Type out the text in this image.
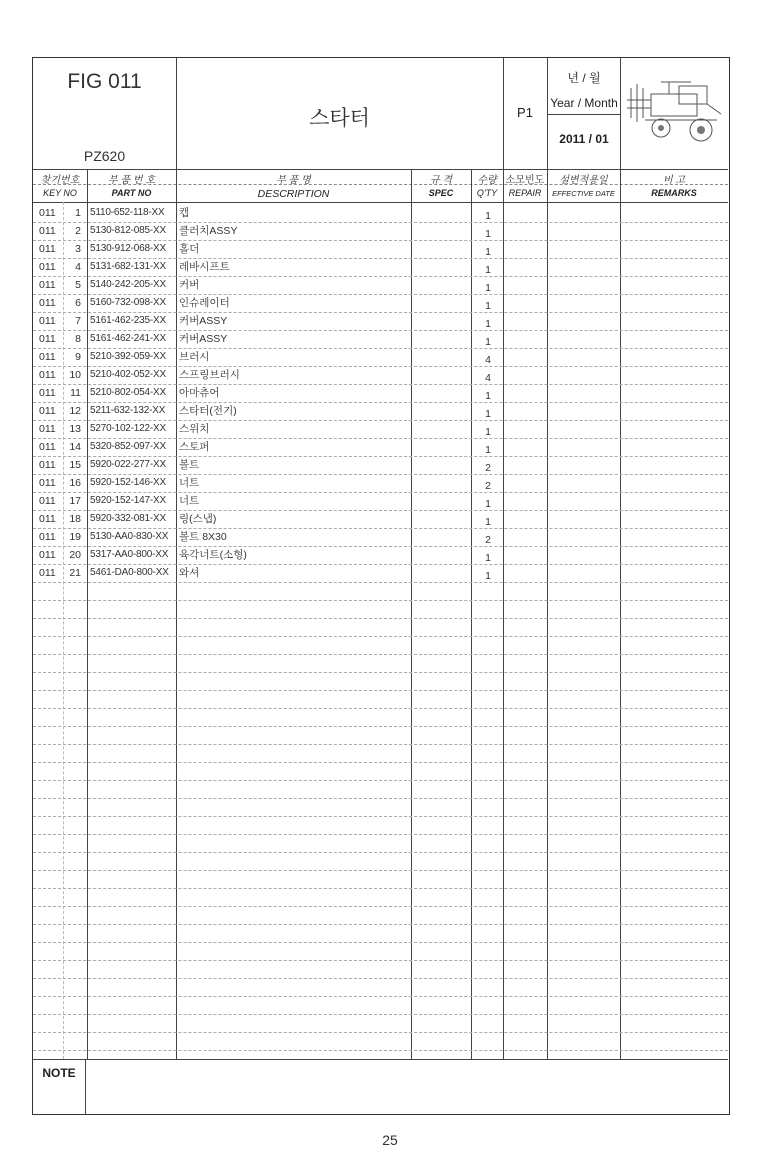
FIG 011
PZ620
스타터	P1
년 / 월
Year / Month
2011 / 01
찾기번호
KEY NO
부 품 번 호
PART NO
부 품 명
DESCRIPTION
규 격
SPEC
수량
Q'TY
소모빈도
REPAIR
설변적용일
EFFECTIVE DATE
비 고
REMARKS
011	1 5110-652-118-XX 캡	1
011	2 5130-812-085-XX 클러치ASSY	1
011	3 5130-912-068-XX 홀더	1
011	4 5131-682-131-XX 레바시프트	1
011	5 5140-242-205-XX 커버	1
011	6 5160-732-098-XX 인슈레이터	1
011	7 5161-462-235-XX 커버ASSY	1
011	8 5161-462-241-XX 커버ASSY	1
011	9 5210-392-059-XX 브러시	4
011	10 5210-402-052-XX 스프링브러시	4
011	11 5210-802-054-XX 아마츄어	1
011	12 5211-632-132-XX 스타터(전기)	1
011	13 5270-102-122-XX 스위치	1
011	14 5320-852-097-XX 스토퍼	1
011	15 5920-022-277-XX 볼트	2
011	16 5920-152-146-XX 너트	2
011	17 5920-152-147-XX 너트	1
011	18 5920-332-081-XX 링(스냅)	1
011	19 5130-AA0-830-XX 볼트 8X30	2
011	20 5317-AA0-800-XX 육각너트(소형)	1
011	21 5461-DA0-800-XX 와셔	1
NOTE
25
